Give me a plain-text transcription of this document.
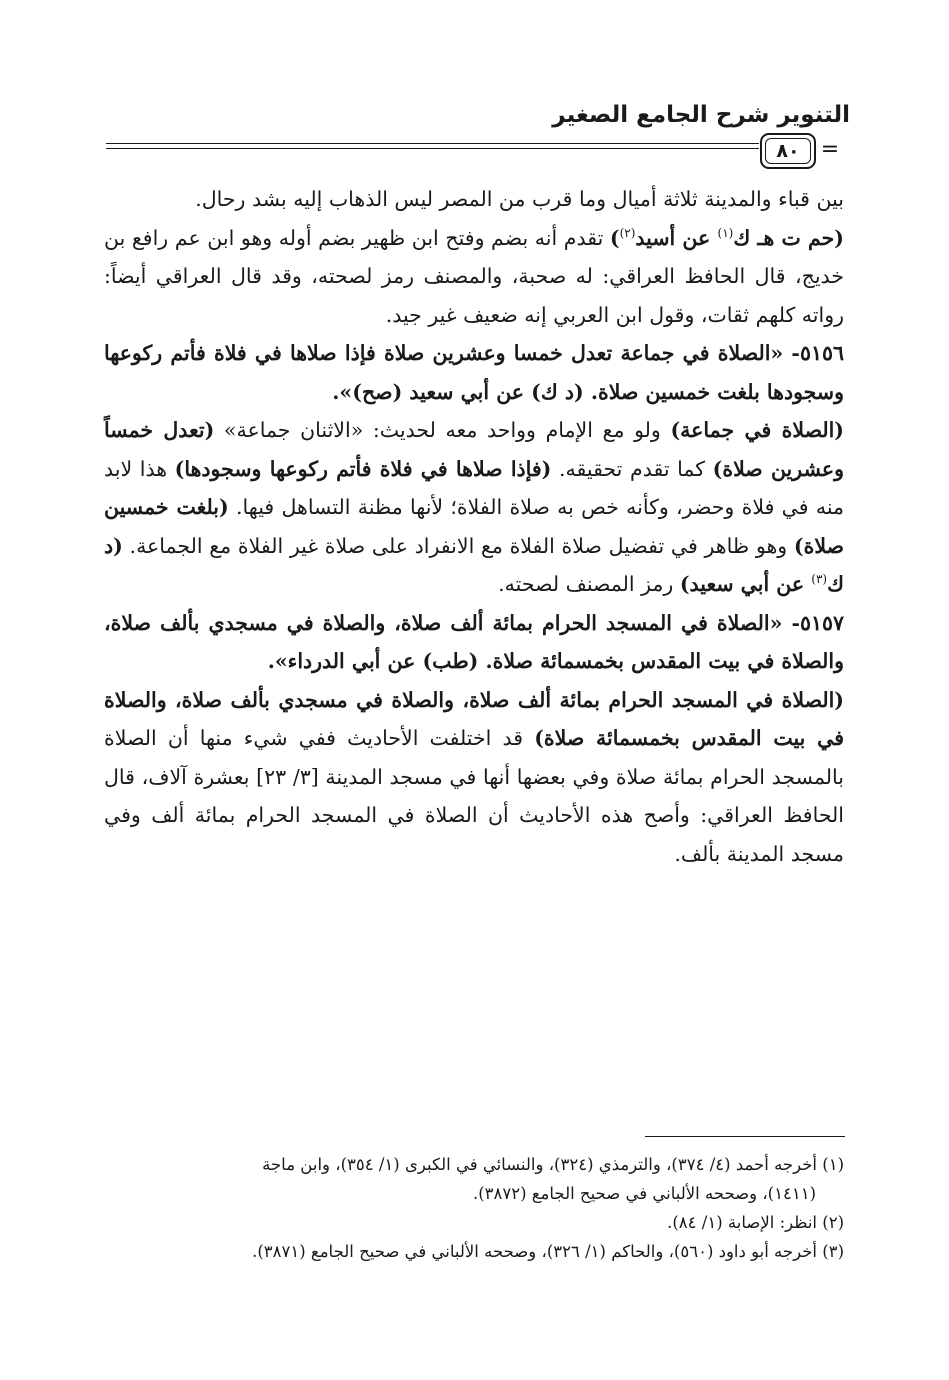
التنوير شرح الجامع الصغير
٨٠ =

بين قباء والمدينة ثلاثة أميال وما قرب من المصر ليس الذهاب إليه بشد رحال.

(حم ت هـ ك$^{(١)}$ عن أسيد$^{(٢)}$) تقدم أنه بضم وفتح ابن ظهير بضم أوله وهو ابن عم رافع بن خديج، قال الحافظ العراقي: له صحبة، والمصنف رمز لصحته، وقد قال العراقي أيضاً: رواته كلهم ثقات، وقول ابن العربي إنه ضعيف غير جيد.

٥١٥٦- «الصلاة في جماعة تعدل خمسا وعشرين صلاة فإذا صلاها في فلاة فأتم ركوعها وسجودها بلغت خمسين صلاة. (د ك) عن أبي سعيد (صح)».

(الصلاة في جماعة) ولو مع الإمام وواحد معه لحديث: «الاثنان جماعة» (تعدل خمساً وعشرين صلاة) كما تقدم تحقيقه. (فإذا صلاها في فلاة فأتم ركوعها وسجودها) هذا لابد منه في فلاة وحضر، وكأنه خص به صلاة الفلاة؛ لأنها مظنة التساهل فيها. (بلغت خمسين صلاة) وهو ظاهر في تفضيل صلاة الفلاة مع الانفراد على صلاة غير الفلاة مع الجماعة. (د ك$^{(٣)}$ عن أبي سعيد) رمز المصنف لصحته.

٥١٥٧- «الصلاة في المسجد الحرام بمائة ألف صلاة، والصلاة في مسجدي بألف صلاة، والصلاة في بيت المقدس بخمسمائة صلاة. (طب) عن أبي الدرداء».

(الصلاة في المسجد الحرام بمائة ألف صلاة، والصلاة في مسجدي بألف صلاة، والصلاة في بيت المقدس بخمسمائة صلاة) قد اختلفت الأحاديث ففي شيء منها أن الصلاة بالمسجد الحرام بمائة صلاة وفي بعضها أنها في مسجد المدينة [٣/ ٢٣] بعشرة آلاف، قال الحافظ العراقي: وأصح هذه الأحاديث أن الصلاة في المسجد الحرام بمائة ألف وفي مسجد المدينة بألف.

(١) أخرجه أحمد (٤/ ٣٧٤)، والترمذي (٣٢٤)، والنسائي في الكبرى (١/ ٣٥٤)، وابن ماجة

(١٤١١)، وصححه الألباني في صحيح الجامع (٣٨٧٢).

(٢) انظر: الإصابة (١/ ٨٤).

(٣) أخرجه أبو داود (٥٦٠)، والحاكم (١/ ٣٢٦)، وصححه الألباني في صحيح الجامع (٣٨٧١).
